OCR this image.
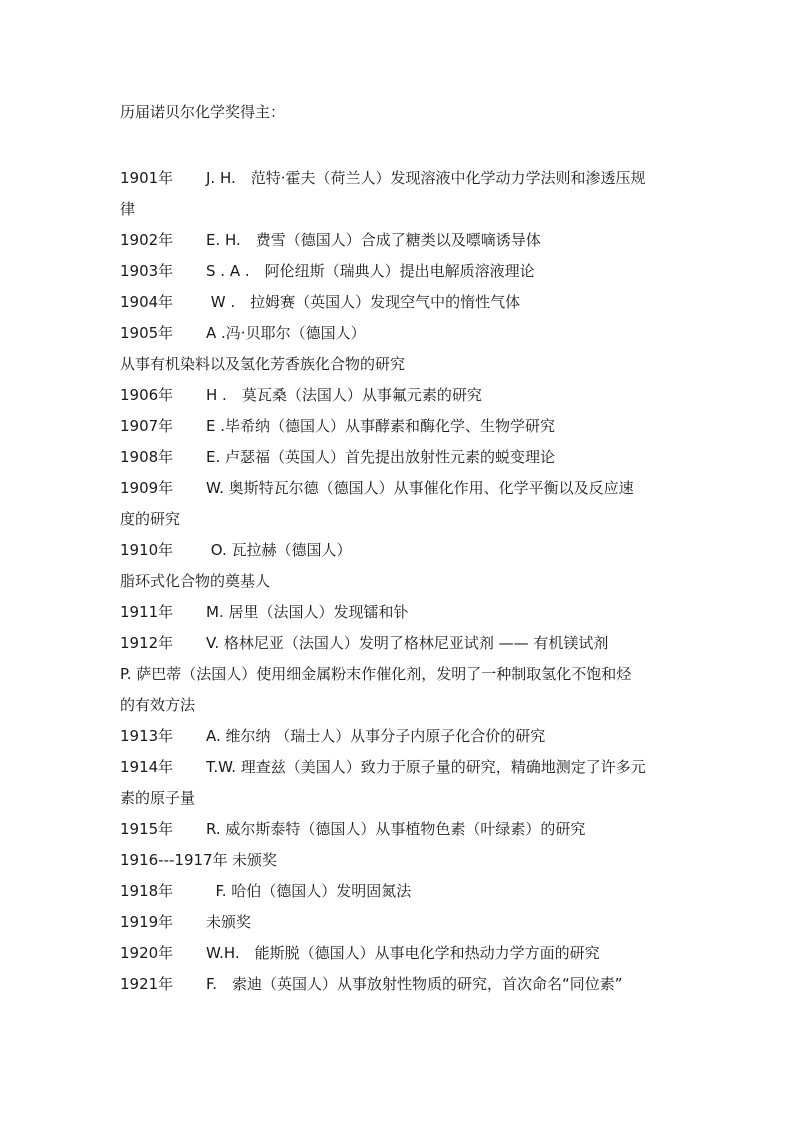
历届诺贝尔化学奖得主：
1901年 J. H.　范特·霍夫（荷兰人）发现溶液中化学动力学法则和渗透压规
律
1902年 E. H.　费雪（德国人）合成了糖类以及嘌嘀诱导体
1903年 S . A .　阿伦纽斯（瑞典人）提出电解质溶液理论
1904年 W .　拉姆赛（英国人）发现空气中的惰性气体
1905年 A .冯·贝耶尔（德国人）
从事有机染料以及氢化芳香族化合物的研究
1906年 H .　莫瓦桑（法国人）从事氟元素的研究
1907年 E .毕希纳（德国人）从事酵素和酶化学、生物学研究
1908年 E. 卢瑟福（英国人）首先提出放射性元素的蜕变理论
1909年 W. 奥斯特瓦尔德（德国人）从事催化作用、化学平衡以及反应速
度的研究
1910年 O. 瓦拉赫（德国人）
脂环式化合物的奠基人
1911年 M. 居里（法国人）发现镭和钋
1912年 V. 格林尼亚（法国人）发明了格林尼亚试剂 —— 有机镁试剂
P. 萨巴蒂（法国人）使用细金属粉末作催化剂，发明了一种制取氢化不饱和烃
的有效方法
1913年 A. 维尔纳 （瑞士人）从事分子内原子化合价的研究
1914年 T.W. 理查兹（美国人）致力于原子量的研究，精确地测定了许多元
素的原子量
1915年 R. 威尔斯泰特（德国人）从事植物色素（叶绿素）的研究
1916---1917年 未颁奖
1918年  F. 哈伯（德国人）发明固氮法
1919年 未颁奖
1920年 W.H.　能斯脱（德国人）从事电化学和热动力学方面的研究
1921年 F.　索迪（英国人）从事放射性物质的研究，首次命名“同位素”
